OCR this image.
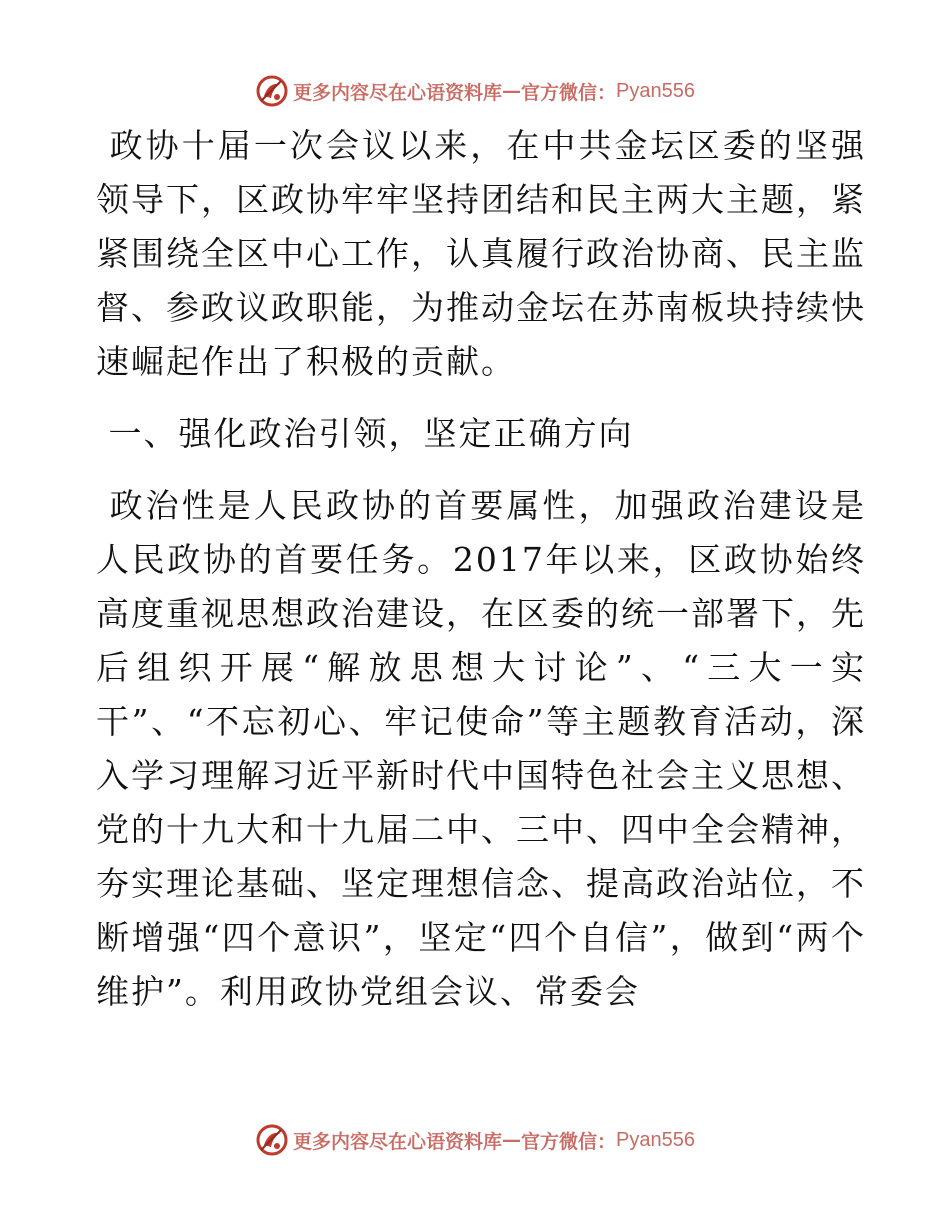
更多内容尽在心语资料库 — 官方微信： Pyan556

政协十届一次会议以来，在中共金坛区委的坚强领导下，区政协牢牢坚持团结和民主两大主题，紧紧围绕全区中心工作，认真履行政治协商、民主监督、参政议政职能，为推动金坛在苏南板块持续快速崛起作出了积极的贡献。

一、强化政治引领，坚定正确方向

政治性是人民政协的首要属性，加强政治建设是人民政协的首要任务。2017年以来，区政协始终高度重视思想政治建设，在区委的统一部署下，先后组织开展“解放思想大讨论”、“三大一实干”、“不忘初心、牢记使命”等主题教育活动，深入学习理解习近平新时代中国特色社会主义思想、党的十九大和十九届二中、三中、四中全会精神，夯实理论基础、坚定理想信念、提高政治站位，不断增强“四个意识”，坚定“四个自信”，做到“两个维护”。利用政协党组会议、常委会

更多内容尽在心语资料库 — 官方微信： Pyan556
